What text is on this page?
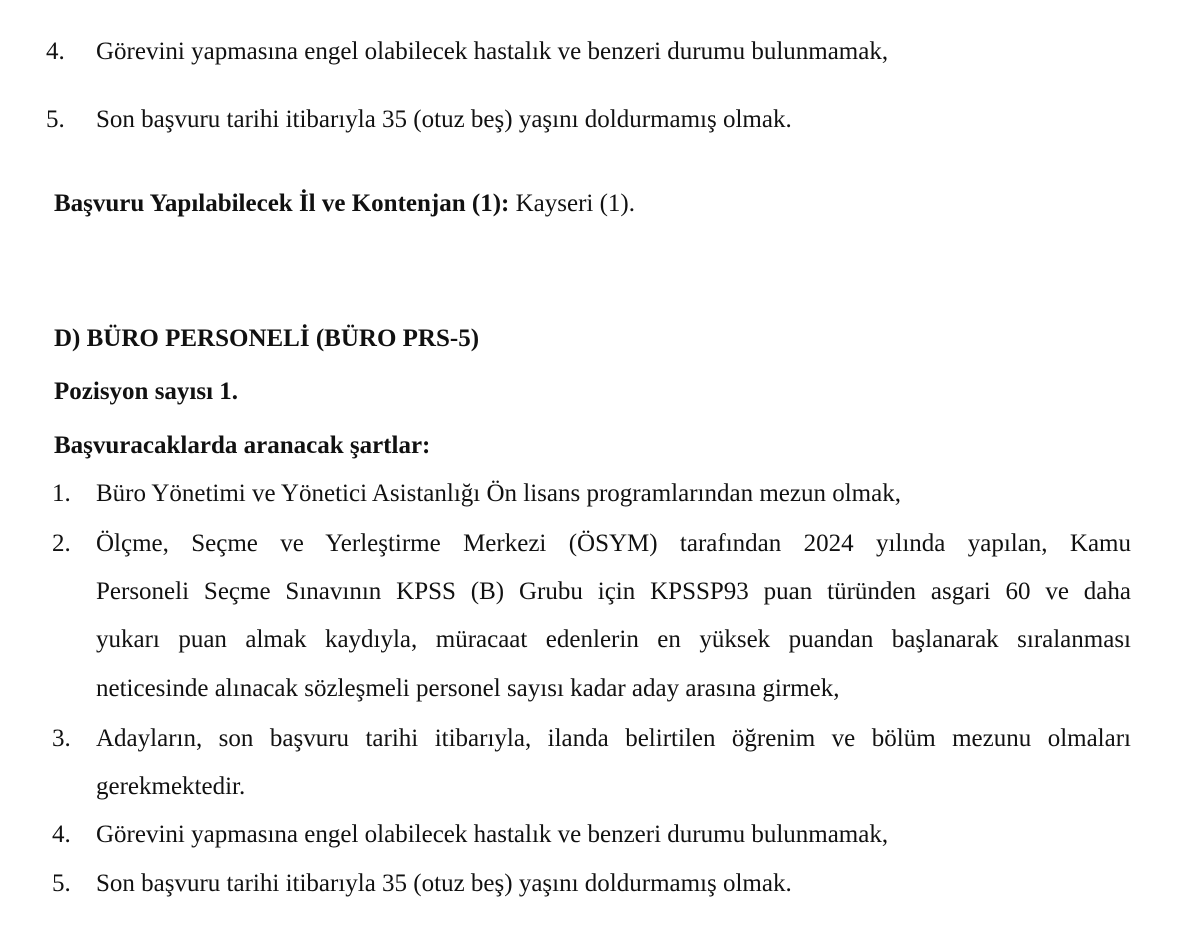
4.	Görevini yapmasına engel olabilecek hastalık ve benzeri durumu bulunmamak,
5.	Son başvuru tarihi itibarıyla 35 (otuz beş) yaşını doldurmamış olmak.
Başvuru Yapılabilecek İl ve Kontenjan (1): Kayseri (1).
D) BÜRO PERSONELİ (BÜRO PRS-5)
Pozisyon sayısı 1.
Başvuracaklarda aranacak şartlar:
1.	Büro Yönetimi ve Yönetici Asistanlığı Ön lisans programlarından mezun olmak,
2.	Ölçme, Seçme ve Yerleştirme Merkezi (ÖSYM) tarafından 2024 yılında yapılan, Kamu
Personeli Seçme Sınavının KPSS (B) Grubu için KPSSP93 puan türünden asgari 60 ve daha
yukarı puan almak kaydıyla, müracaat edenlerin en yüksek puandan başlanarak sıralanması
neticesinde alınacak sözleşmeli personel sayısı kadar aday arasına girmek,
3.	Adayların, son başvuru tarihi itibarıyla, ilanda belirtilen öğrenim ve bölüm mezunu olmaları
gerekmektedir.
4.	Görevini yapmasına engel olabilecek hastalık ve benzeri durumu bulunmamak,
5.	Son başvuru tarihi itibarıyla 35 (otuz beş) yaşını doldurmamış olmak.
